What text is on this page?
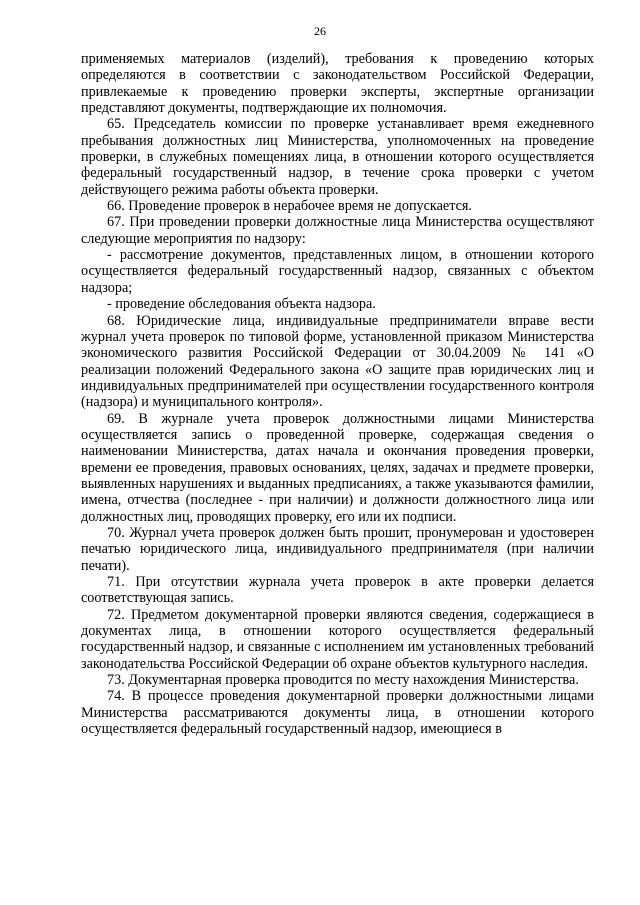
26

применяемых материалов (изделий), требования к проведению которых определяются в соответствии с законодательством Российской Федерации, привлекаемые к проведению проверки эксперты, экспертные организации представляют документы, подтверждающие их полномочия.

65. Председатель комиссии по проверке устанавливает время ежедневного пребывания должностных лиц Министерства, уполномоченных на проведение проверки, в служебных помещениях лица, в отношении которого осуществляется федеральный государственный надзор, в течение срока проверки с учетом действующего режима работы объекта проверки.

66. Проведение проверок в нерабочее время не допускается.

67. При проведении проверки должностные лица Министерства осуществляют следующие мероприятия по надзору:

- рассмотрение документов, представленных лицом, в отношении которого осуществляется федеральный государственный надзор, связанных с объектом надзора;

- проведение обследования объекта надзора.

68. Юридические лица, индивидуальные предприниматели вправе вести журнал учета проверок по типовой форме, установленной приказом Министерства экономического развития Российской Федерации от 30.04.2009 № 141 «О реализации положений Федерального закона «О защите прав юридических лиц и индивидуальных предпринимателей при осуществлении государственного контроля (надзора) и муниципального контроля».

69. В журнале учета проверок должностными лицами Министерства осуществляется запись о проведенной проверке, содержащая сведения о наименовании Министерства, датах начала и окончания проведения проверки, времени ее проведения, правовых основаниях, целях, задачах и предмете проверки, выявленных нарушениях и выданных предписаниях, а также указываются фамилии, имена, отчества (последнее - при наличии) и должности должностного лица или должностных лиц, проводящих проверку, его или их подписи.

70. Журнал учета проверок должен быть прошит, пронумерован и удостоверен печатью юридического лица, индивидуального предпринимателя (при наличии печати).

71. При отсутствии журнала учета проверок в акте проверки делается соответствующая запись.

72. Предметом документарной проверки являются сведения, содержащиеся в документах лица, в отношении которого осуществляется федеральный государственный надзор, и связанные с исполнением им установленных требований законодательства Российской Федерации об охране объектов культурного наследия.

73. Документарная проверка проводится по месту нахождения Министерства.

74. В процессе проведения документарной проверки должностными лицами Министерства рассматриваются документы лица, в отношении которого осуществляется федеральный государственный надзор, имеющиеся в
